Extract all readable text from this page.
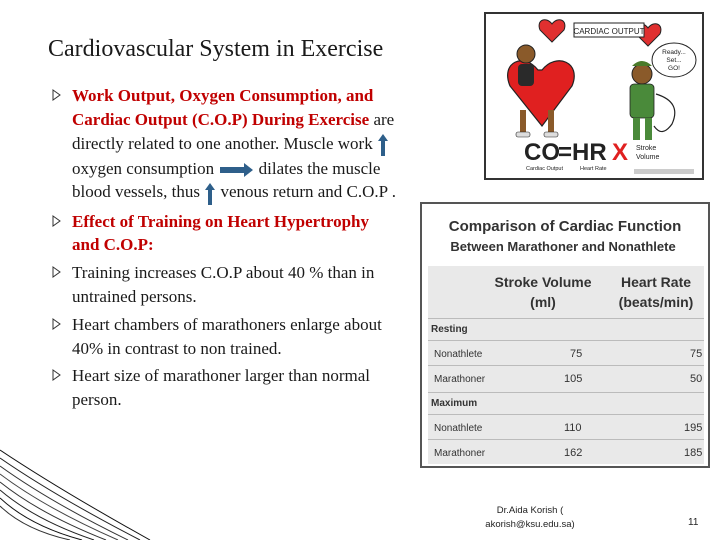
Cardiovascular System in Exercise
Work Output, Oxygen Consumption, and Cardiac Output (C.O.P) During Exercise are directly related to one another. Muscle work  oxygen consumption  dilates the muscle blood vessels, thus  venous return and C.O.P .
Effect of Training on Heart Hypertrophy and C.O.P:
Training increases C.O.P about 40 % than in untrained persons.
Heart chambers of marathoners enlarge about 40% in contrast to non trained.
Heart size of marathoner larger than normal person.
CARDIAC OUTPUT
Ready...
Set...
GO!
CO
= HR X
Cardiac Output	Heart Rate
Stroke
Volume
Comparison of Cardiac Function
Between Marathoner and Nonathlete
Stroke Volume
(ml)
Heart Rate
(beats/min)
Resting
Nonathlete	75	75
Marathoner	105	50
Maximum
Nonathlete	110	195
Marathoner	162	185
Dr.Aida Korish (
akorish@ksu.edu.sa)	11
